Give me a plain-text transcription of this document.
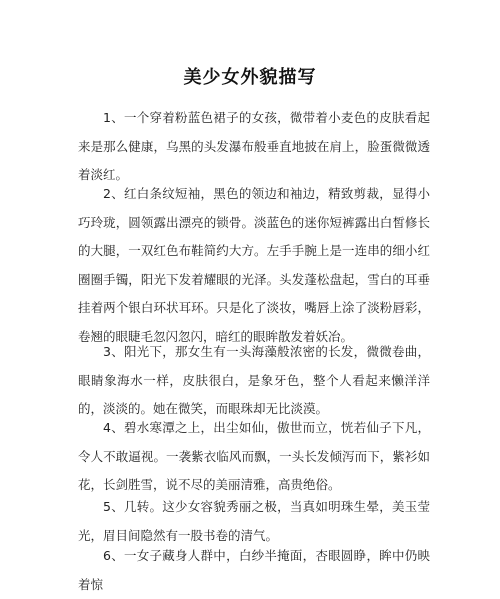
美少女外貌描写
1、一个穿着粉蓝色裙子的女孩，微带着小麦色的皮肤看起来是那么健康，乌黑的头发瀑布般垂直地披在肩上，脸蛋微微透着淡红。
2、红白条纹短袖，黑色的领边和袖边，精致剪裁，显得小巧玲珑，圆领露出漂亮的锁骨。淡蓝色的迷你短裤露出白皙修长的大腿，一双红色布鞋简约大方。左手手腕上是一连串的细小红圈圈手镯，阳光下发着耀眼的光泽。头发蓬松盘起，雪白的耳垂挂着两个银白环状耳环。只是化了淡妆，嘴唇上涂了淡粉唇彩，卷翘的眼睫毛忽闪忽闪，暗红的眼眸散发着妖冶。
3、阳光下，那女生有一头海藻般浓密的长发，微微卷曲，眼睛象海水一样，皮肤很白，是象牙色，整个人看起来懒洋洋的，淡淡的。她在微笑，而眼珠却无比淡漠。
4、碧水寒潭之上，出尘如仙，傲世而立，恍若仙子下凡，令人不敢逼视。一袭紫衣临风而飘，一头长发倾泻而下，紫衫如花，长剑胜雪，说不尽的美丽清雅，高贵绝俗。
5、几转。这少女容貌秀丽之极，当真如明珠生晕，美玉莹光，眉目间隐然有一股书卷的清气。
6、一女子藏身人群中，白纱半掩面，杏眼圆睁，眸中仍映着惊
